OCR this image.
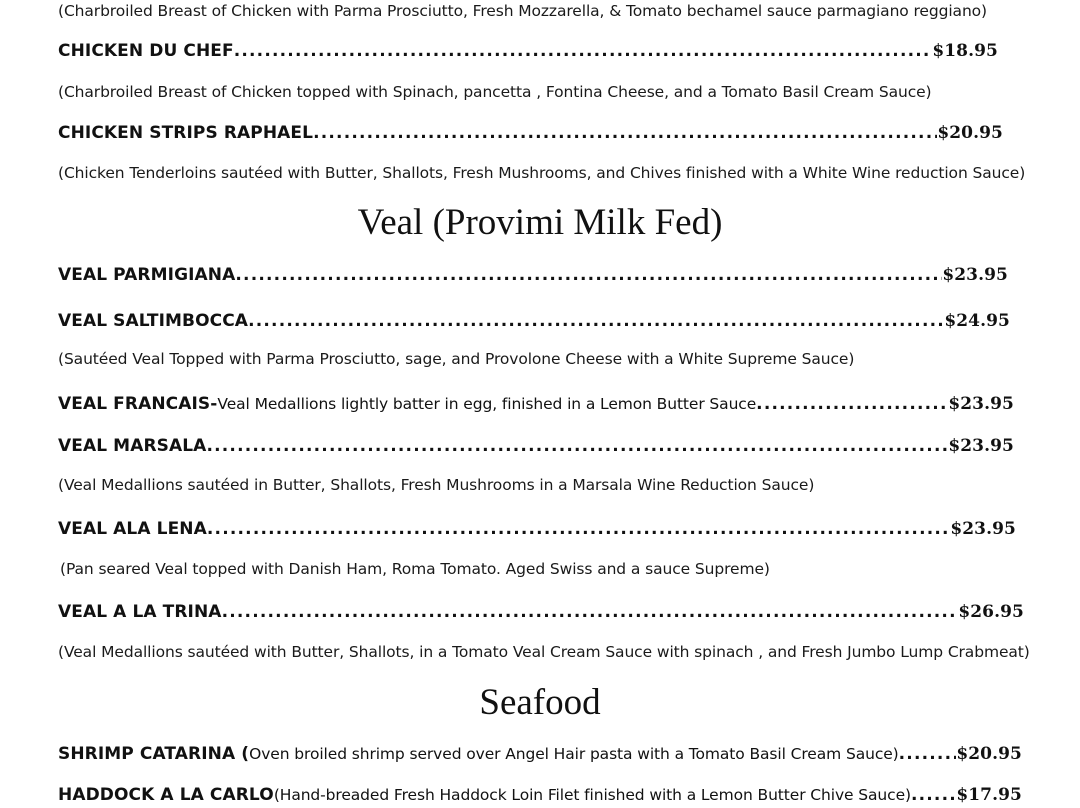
(Charbroiled Breast of Chicken with Parma Prosciutto, Fresh Mozzarella, & Tomato bechamel sauce parmagiano reggiano)
CHICKEN DU CHEF .....	$18.95
(Charbroiled Breast of Chicken topped with Spinach, pancetta , Fontina Cheese, and a Tomato Basil Cream Sauce)
CHICKEN STRIPS RAPHAEL .....	$20.95
(Chicken Tenderloins sautéed with Butter, Shallots, Fresh Mushrooms, and Chives finished with a White Wine reduction Sauce)
Veal (Provimi Milk Fed)
VEAL PARMIGIANA .....	$23.95
VEAL SALTIMBOCCA .....	$24.95
(Sautéed Veal Topped with Parma Prosciutto, sage, and Provolone Cheese with a White Supreme Sauce)
VEAL FRANCAIS- Veal Medallions lightly batter in egg, finished in a Lemon Butter Sauce .....	$23.95
VEAL MARSALA .....	$23.95
(Veal Medallions sautéed in Butter, Shallots, Fresh Mushrooms in a Marsala Wine Reduction Sauce)
VEAL ALA LENA .....	$23.95
(Pan seared Veal topped with Danish Ham, Roma Tomato. Aged Swiss and a sauce Supreme)
VEAL A LA TRINA .....	$26.95
(Veal Medallions sautéed with Butter, Shallots, in a Tomato Veal Cream Sauce with spinach , and Fresh Jumbo Lump Crabmeat)
Seafood
SHRIMP CATARINA ( Oven broiled shrimp served over Angel Hair pasta with a Tomato Basil Cream Sauce) .....	$20.95
HADDOCK A LA CARLO (Hand-breaded Fresh Haddock Loin Filet finished with a Lemon Butter Chive Sauce) .....	$17.95
